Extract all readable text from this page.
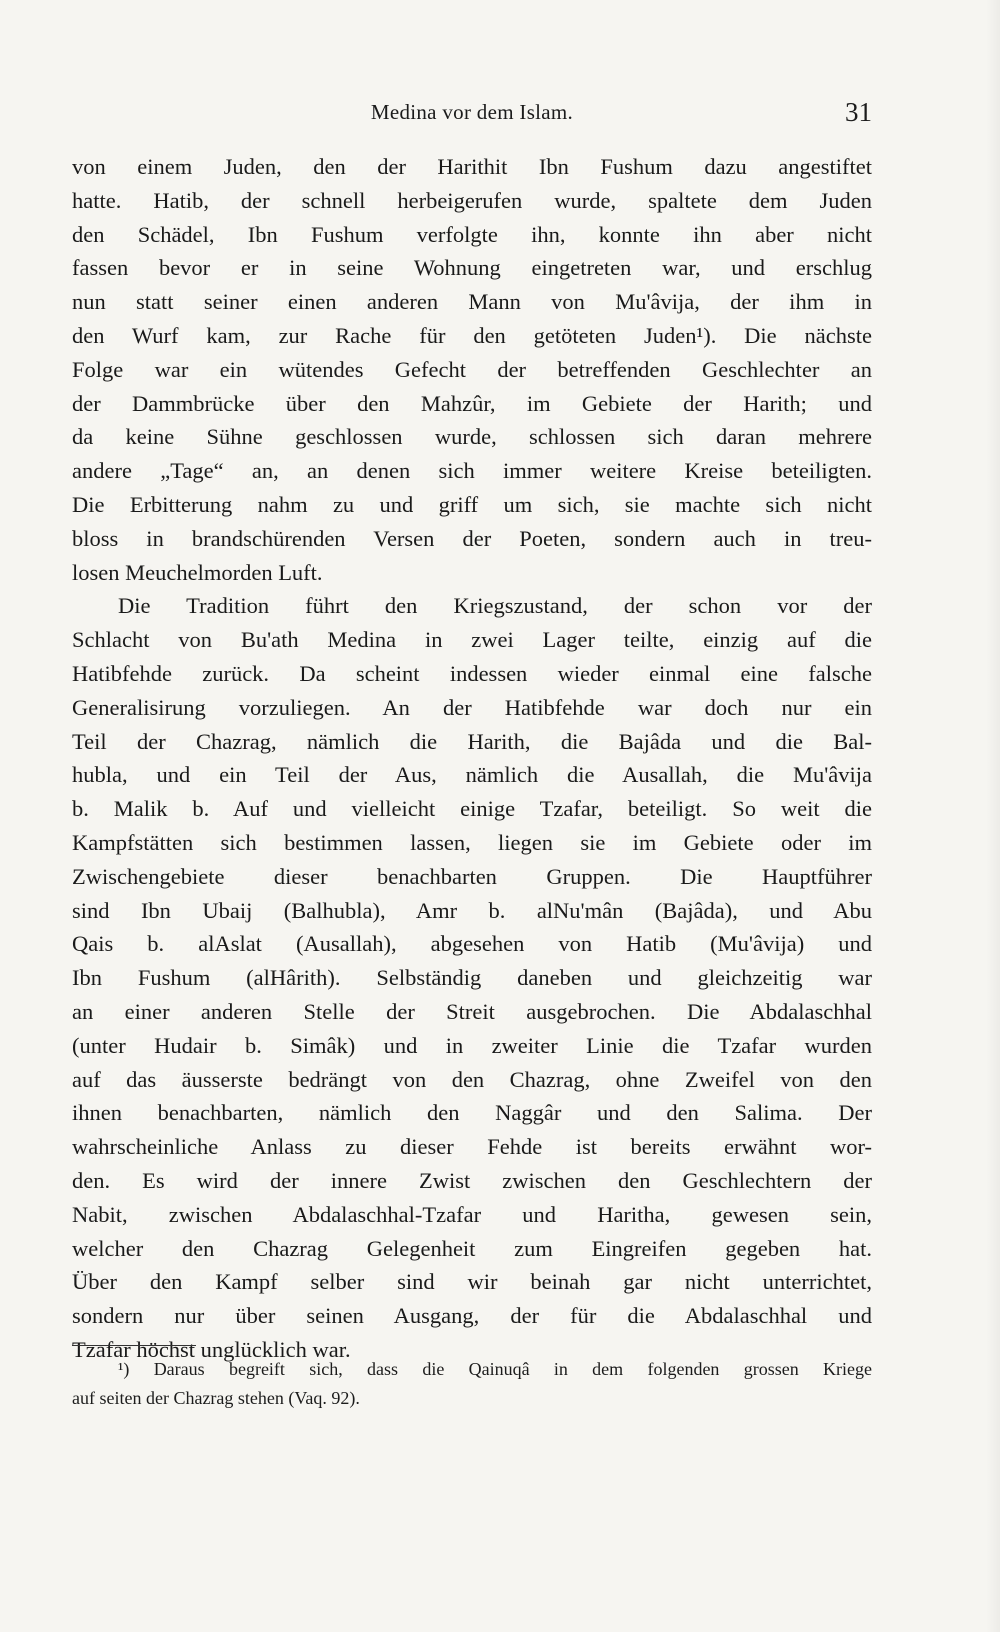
Medina vor dem Islam.	31
von einem Juden, den der Harithit Ibn Fushum dazu angestiftet
hatte. Hatib, der schnell herbeigerufen wurde, spaltete dem Juden
den Schädel, Ibn Fushum verfolgte ihn, konnte ihn aber nicht
fassen bevor er in seine Wohnung eingetreten war, und erschlug
nun statt seiner einen anderen Mann von Mu'âvija, der ihm in
den Wurf kam, zur Rache für den getöteten Juden¹). Die nächste
Folge war ein wütendes Gefecht der betreffenden Geschlechter an
der Dammbrücke über den Mahzûr, im Gebiete der Harith; und
da keine Sühne geschlossen wurde, schlossen sich daran mehrere
andere „Tage“ an, an denen sich immer weitere Kreise beteiligten.
Die Erbitterung nahm zu und griff um sich, sie machte sich nicht
bloss in brandschürenden Versen der Poeten, sondern auch in treu-
losen Meuchelmorden Luft.
Die Tradition führt den Kriegszustand, der schon vor der
Schlacht von Bu'ath Medina in zwei Lager teilte, einzig auf die
Hatibfehde zurück. Da scheint indessen wieder einmal eine falsche
Generalisirung vorzuliegen. An der Hatibfehde war doch nur ein
Teil der Chazrag, nämlich die Harith, die Bajâda und die Bal-
hubla, und ein Teil der Aus, nämlich die Ausallah, die Mu'âvija
b. Malik b. Auf und vielleicht einige Tzafar, beteiligt. So weit die
Kampfstätten sich bestimmen lassen, liegen sie im Gebiete oder im
Zwischengebiete dieser benachbarten Gruppen. Die Hauptführer
sind Ibn Ubaij (Balhubla), Amr b. alNu'mân (Bajâda), und Abu
Qais b. alAslat (Ausallah), abgesehen von Hatib (Mu'âvija) und
Ibn Fushum (alHârith). Selbständig daneben und gleichzeitig war
an einer anderen Stelle der Streit ausgebrochen. Die Abdalaschhal
(unter Hudair b. Simâk) und in zweiter Linie die Tzafar wurden
auf das äusserste bedrängt von den Chazrag, ohne Zweifel von den
ihnen benachbarten, nämlich den Naggâr und den Salima. Der
wahrscheinliche Anlass zu dieser Fehde ist bereits erwähnt wor-
den. Es wird der innere Zwist zwischen den Geschlechtern der
Nabit, zwischen Abdalaschhal-Tzafar und Haritha, gewesen sein,
welcher den Chazrag Gelegenheit zum Eingreifen gegeben hat.
Über den Kampf selber sind wir beinah gar nicht unterrichtet,
sondern nur über seinen Ausgang, der für die Abdalaschhal und
Tzafar höchst unglücklich war.
¹) Daraus begreift sich, dass die Qainuqâ in dem folgenden grossen Kriege
auf seiten der Chazrag stehen (Vaq. 92).
